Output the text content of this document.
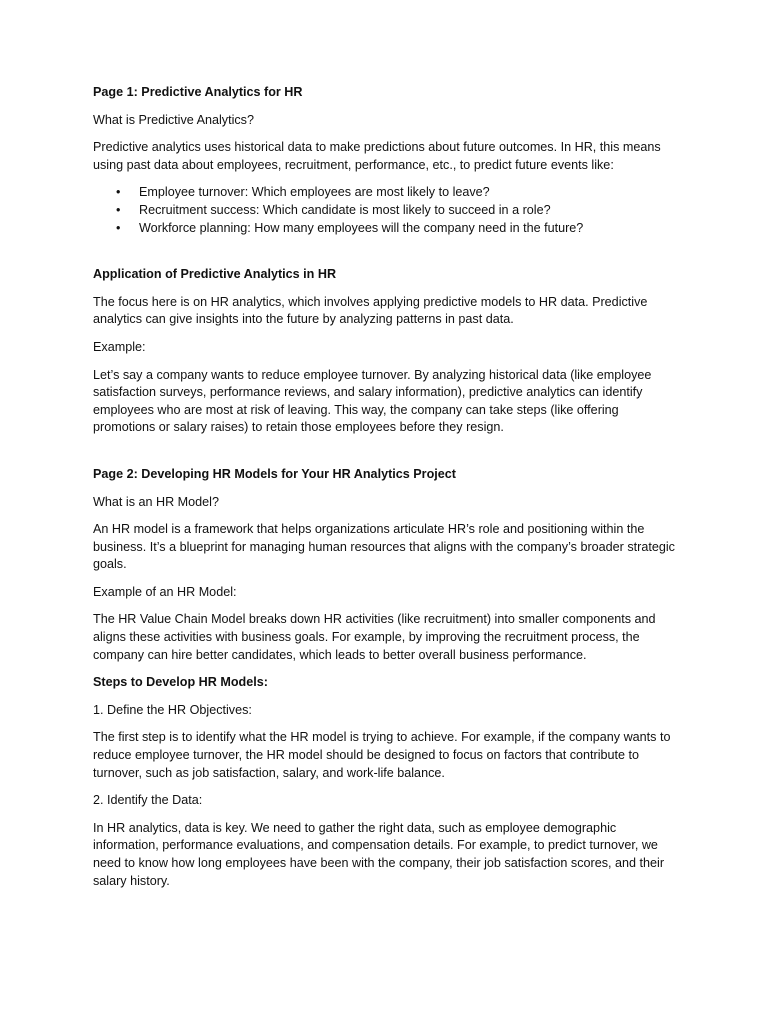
Page 1: Predictive Analytics for HR

What is Predictive Analytics?

Predictive analytics uses historical data to make predictions about future outcomes. In HR, this means using past data about employees, recruitment, performance, etc., to predict future events like:

• Employee turnover: Which employees are most likely to leave?
• Recruitment success: Which candidate is most likely to succeed in a role?
• Workforce planning: How many employees will the company need in the future?

Application of Predictive Analytics in HR

The focus here is on HR analytics, which involves applying predictive models to HR data. Predictive analytics can give insights into the future by analyzing patterns in past data.

Example:

Let’s say a company wants to reduce employee turnover. By analyzing historical data (like employee satisfaction surveys, performance reviews, and salary information), predictive analytics can identify employees who are most at risk of leaving. This way, the company can take steps (like offering promotions or salary raises) to retain those employees before they resign.

Page 2: Developing HR Models for Your HR Analytics Project

What is an HR Model?

An HR model is a framework that helps organizations articulate HR’s role and positioning within the business. It’s a blueprint for managing human resources that aligns with the company’s broader strategic goals.

Example of an HR Model:

The HR Value Chain Model breaks down HR activities (like recruitment) into smaller components and aligns these activities with business goals. For example, by improving the recruitment process, the company can hire better candidates, which leads to better overall business performance.

Steps to Develop HR Models:

1. Define the HR Objectives:

The first step is to identify what the HR model is trying to achieve. For example, if the company wants to reduce employee turnover, the HR model should be designed to focus on factors that contribute to turnover, such as job satisfaction, salary, and work-life balance.

2. Identify the Data:

In HR analytics, data is key. We need to gather the right data, such as employee demographic information, performance evaluations, and compensation details. For example, to predict turnover, we need to know how long employees have been with the company, their job satisfaction scores, and their salary history.
